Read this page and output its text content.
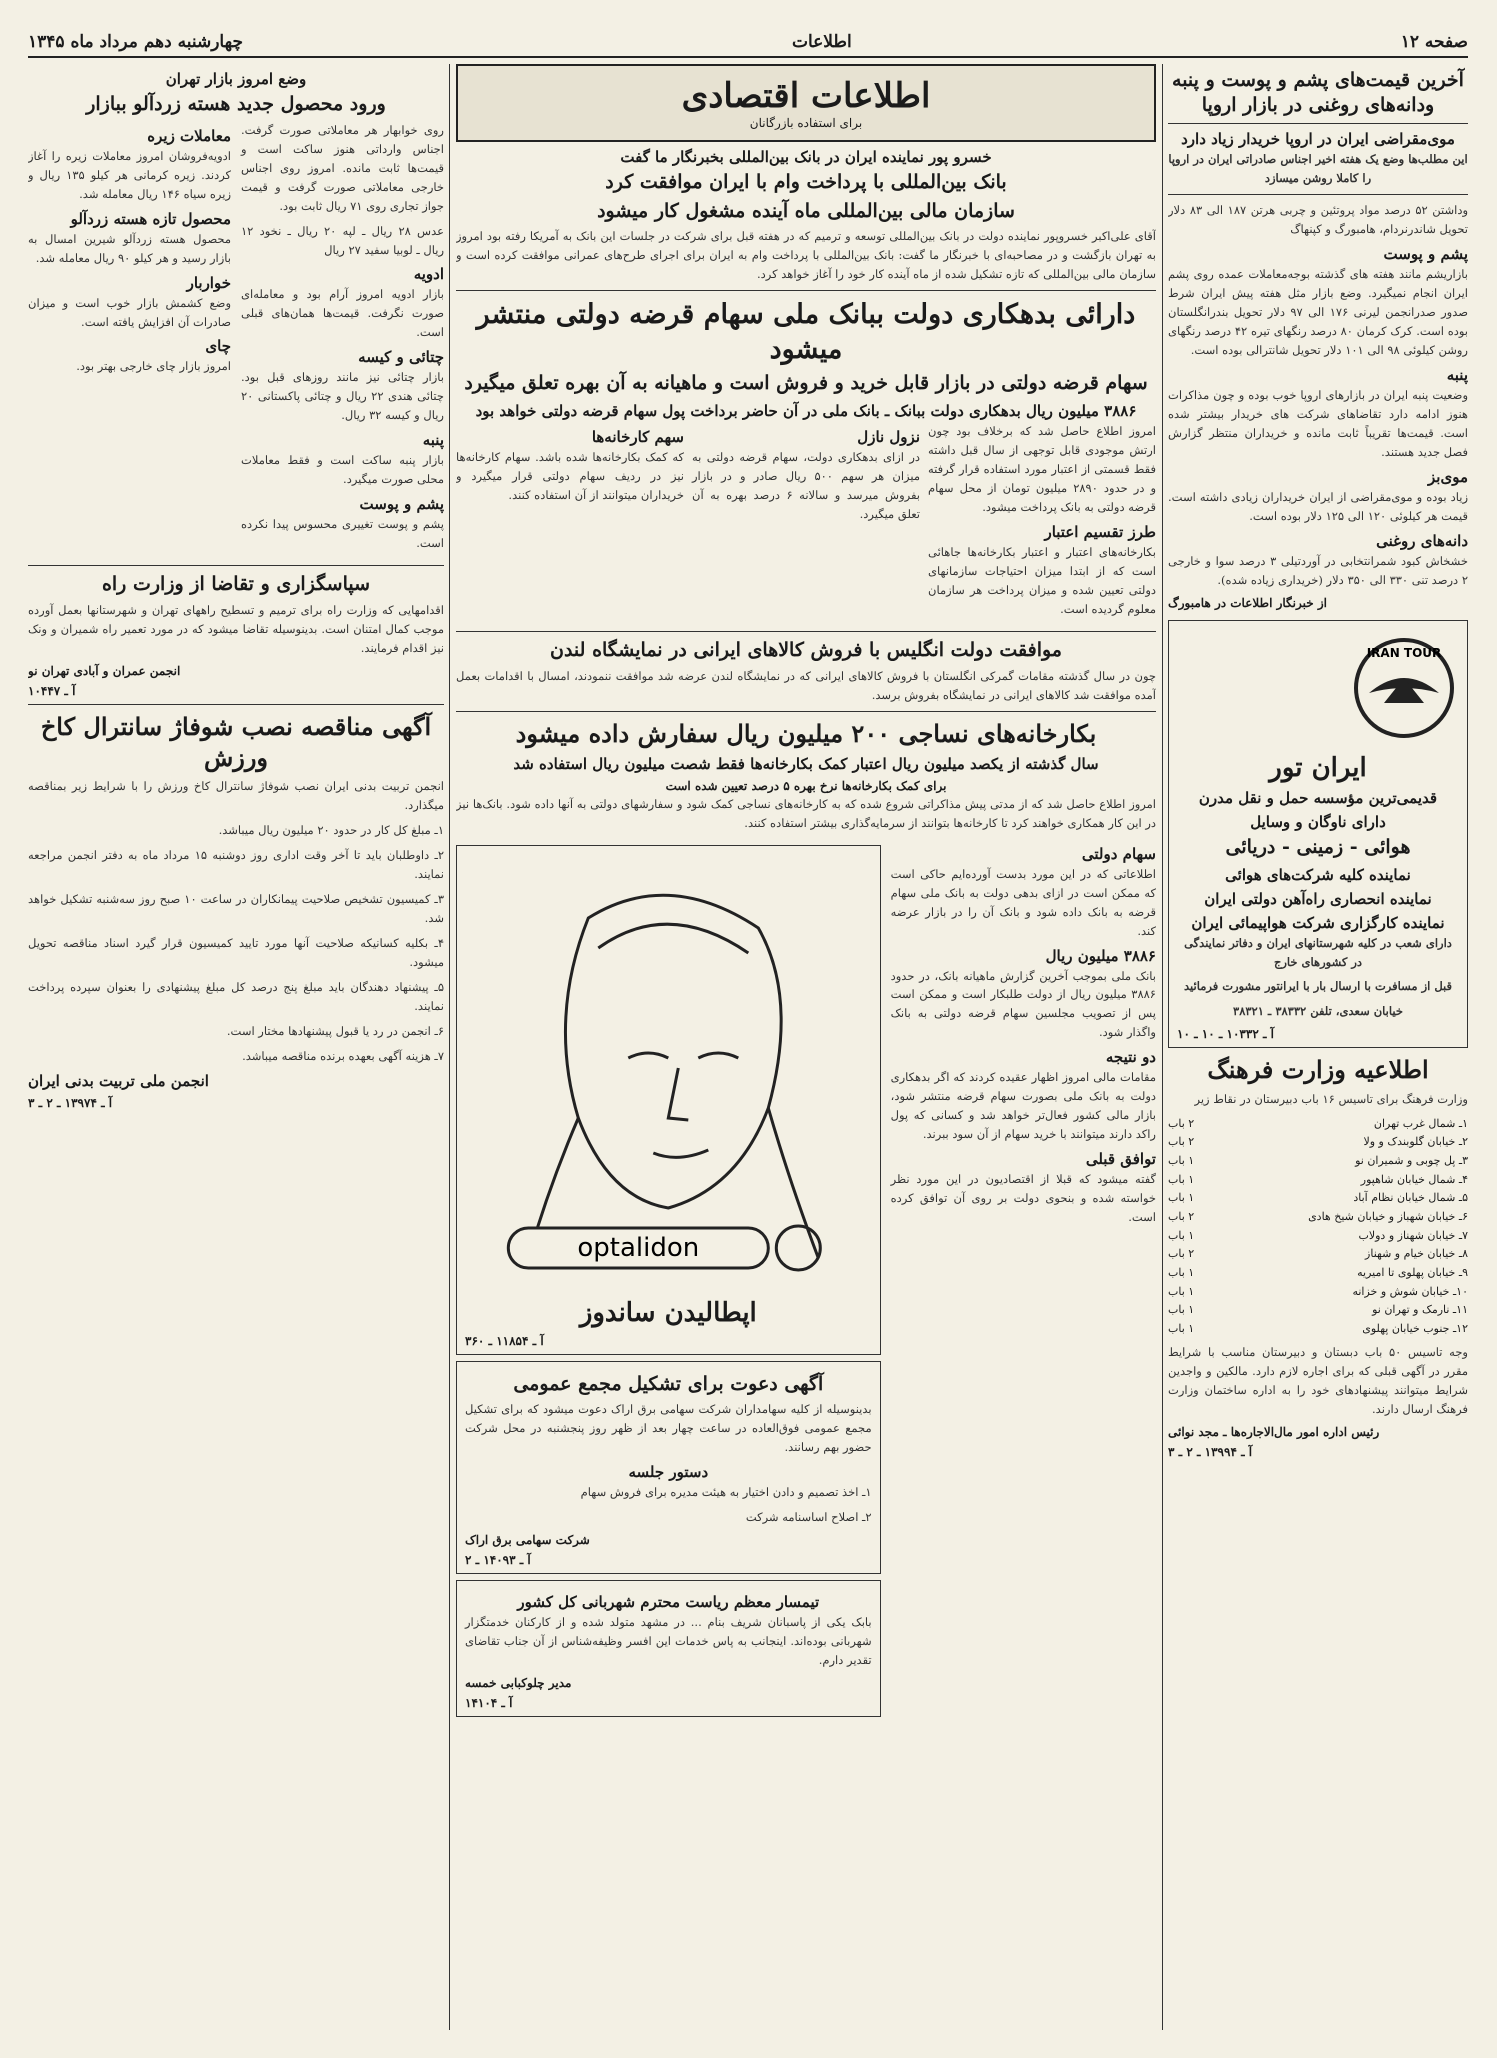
صفحه ۱۲
اطلاعات
چهارشنبه دهم مرداد ماه ۱۳۴۵
آخرین قیمت‌های پشم و پوست و پنبه ودانه‌های روغنی در بازار اروپا
موی‌مقراضی ایران در اروپا خریدار زیاد دارد
این مطلب‌ها وضع یک هفته اخیر اجناس صادراتی ایران در اروپا را کاملا روشن میسازد

وداشتن ۵۲ درصد مواد پروتئین و چربی هرتن ۱۸۷ الی ۸۳ دلار تحویل شاندرنردام، هامبورگ و کپنهاگ

پشم و پوست

بازاریشم مانند هفته های گذشته بوجه‌معاملات عمده روی پشم ایران انجام نمیگیرد. وضع بازار مثل هفته پیش ایران شرط صدور صدرانجمن لیرنی ۱۷۶ الی ۹۷ دلار تحویل بندرانگلستان بوده است. کرک کرمان ۸۰ درصد رنگهای تیره ۴۲ درصد رنگهای روشن کیلوئی ۹۸ الی ۱۰۱ دلار تحویل شانترالی بوده است.

پنبه

وضعیت پنبه ایران در بازارهای اروپا خوب بوده و چون مذاکرات هنوز ادامه دارد تقاضاهای شرکت های خریدار بیشتر شده است. قیمت‌ها تقریباً ثابت مانده و خریداران منتظر گزارش فصل جدید هستند.

موی‌بز

زیاد بوده و موی‌مقراضی از ایران خریداران زیادی داشته است. قیمت هر کیلوئی ۱۲۰ الی ۱۲۵ دلار بوده است.

دانه‌های روغنی

خشخاش کبود شمرانتخابی در آوردتیلی ۳ درصد سوا و خارجی ۲ درصد تنی ۳۳۰ الی ۳۵۰ دلار (خریداری زیاده شده).

از خبرنگار اطلاعات در هامبورگ
IRAN TOUR
ایران تور
قدیمی‌ترین مؤسسه حمل و نقل مدرن
دارای ناوگان و وسایل
هوائی - زمینی - دریائی
نماینده کلیه شرکت‌های هوائی
نماینده انحصاری راه‌آهن دولتی ایران
نماینده کارگزاری شرکت هواپیمائی ایران
دارای شعب در کلیه شهرستانهای ایران و دفاتر نمایندگی در کشورهای خارج
قبل از مسافرت با ارسال بار با ایرانتور مشورت فرمائید
خیابان سعدی، تلفن ۳۸۳۳۲ ـ ۳۸۳۲۱
آ ـ ۱۰۳۳۲ ـ ۱۰ ـ ۱۰
اطلاعیه وزارت فرهنگ
وزارت فرهنگ برای تاسیس ۱۶ باب دبیرستان در نقاط زیر
۱ـ شمال غرب تهران
۲ باب
۲ـ خیابان گلوبندک و ولا
۲ باب
۳ـ پل چوبی و شمیران نو
۱ باب
۴ـ شمال خیابان شاهپور
۱ باب
۵ـ شمال خیابان نظام آباد
۱ باب
۶ـ خیابان شهباز و خیابان شیخ هادی
۲ باب
۷ـ خیابان شهناز و دولاب
۱ باب
۸ـ خیابان خیام و شهناز
۲ باب
۹ـ خیابان پهلوی تا امیریه
۱ باب
۱۰ـ خیابان شوش و خزانه
۱ باب
۱۱ـ نارمک و تهران نو
۱ باب
۱۲ـ جنوب خیابان پهلوی
۱ باب

وجه تاسیس ۵۰ باب دبستان و دبیرستان مناسب با شرایط مقرر در آگهی قبلی که برای اجاره لازم دارد. مالکین و واجدین شرایط میتوانند پیشنهادهای خود را به اداره ساختمان وزارت فرهنگ ارسال دارند.

رئیس اداره امور مال‌الاجاره‌ها ـ مجد نوائی
آ ـ ۱۳۹۹۴ ـ ۲ ـ ۳
اطلاعات اقتصادی
برای استفاده بازرگانان
خسرو پور نماینده ایران در بانک بین‌المللی بخبرنگار ما گفت
بانک بین‌المللی با پرداخت وام با ایران موافقت کرد
سازمان مالی بین‌المللی ماه آینده مشغول کار میشود

آقای علی‌اکبر خسروپور نماینده دولت در بانک بین‌المللی توسعه و ترمیم که در هفته قبل برای شرکت در جلسات این بانک به آمریکا رفته بود امروز به تهران بازگشت و در مصاحبه‌ای با خبرنگار ما گفت: بانک بین‌المللی با پرداخت وام به ایران برای اجرای طرح‌های عمرانی موافقت کرده است و سازمان مالی بین‌المللی که تازه تشکیل شده از ماه آینده کار خود را آغاز خواهد کرد.

دارائی بدهکاری دولت ببانک ملی سهام قرضه دولتی منتشر میشود
سهام قرضه دولتی در بازار قابل خرید و فروش است و ماهیانه به آن بهره تعلق میگیرد
۳۸۸۶ میلیون ریال بدهکاری دولت ببانک ـ بانک ملی در آن حاضر برداخت پول سهام قرضه دولتی خواهد بود

امروز اطلاع حاصل شد که برخلاف بود چون ارتش موجودی قابل توجهی از سال قبل داشته فقط قسمتی از اعتبار مورد استفاده قرار گرفته و در حدود ۲۸۹۰ میلیون تومان از محل سهام قرضه دولتی به بانک پرداخت میشود.

طرز تقسیم اعتبار

بکارخانه‌های اعتبار و اعتبار بکارخانه‌ها جاهائی است که از ابتدا میزان احتیاجات سازمانهای دولتی تعیین شده و میزان پرداخت هر سازمان معلوم گردیده است.

نزول نازل

در ازای بدهکاری دولت، سهام قرضه دولتی به میزان هر سهم ۵۰۰ ریال صادر و در بازار بفروش میرسد و سالانه ۶ درصد بهره به آن تعلق میگیرد.

سهم کارخانه‌ها

که کمک بکارخانه‌ها شده باشد. سهام کارخانه‌ها نیز در ردیف سهام دولتی قرار میگیرد و خریداران میتوانند از آن استفاده کنند.

موافقت دولت انگلیس با فروش کالاهای ایرانی در نمایشگاه لندن

چون در سال گذشته مقامات گمرکی انگلستان با فروش کالاهای ایرانی که در نمایشگاه لندن عرضه شد موافقت ننمودند، امسال با اقدامات بعمل آمده موافقت شد کالاهای ایرانی در نمایشگاه بفروش برسد.

بکارخانه‌های نساجی ۲۰۰ میلیون ریال سفارش داده میشود
سال گذشته از یکصد میلیون ریال اعتبار کمک بکارخانه‌ها فقط شصت میلیون ریال استفاده شد
برای کمک بکارخانه‌ها نرخ بهره ۵ درصد تعیین شده است

امروز اطلاع حاصل شد که از مدتی پیش مذاکراتی شروع شده که به کارخانه‌های نساجی کمک شود و سفارشهای دولتی به آنها داده شود. بانک‌ها نیز در این کار همکاری خواهند کرد تا کارخانه‌ها بتوانند از سرمایه‌گذاری بیشتر استفاده کنند.

سهام دولتی

اطلاعاتی که در این مورد بدست آورده‌ایم حاکی است که ممکن است در ازای بدهی دولت به بانک ملی سهام قرضه به بانک داده شود و بانک آن را در بازار عرضه کند.

۳۸۸۶ میلیون ریال

بانک ملی بموجب آخرین گزارش ماهیانه بانک، در حدود ۳۸۸۶ میلیون ریال از دولت طلبکار است و ممکن است پس از تصویب مجلسین سهام قرضه دولتی به بانک واگذار شود.

دو نتیجه

مقامات مالی امروز اظهار عقیده کردند که اگر بدهکاری دولت به بانک ملی بصورت سهام قرضه منتشر شود، بازار مالی کشور فعال‌تر خواهد شد و کسانی که پول راکد دارند میتوانند با خرید سهام از آن سود ببرند.

توافق قبلی

گفته میشود که قبلا از اقتصادیون در این مورد نظر خواسته شده و بنحوی دولت بر روی آن توافق کرده است.

optalidon
اپطالیدن ساندوز
آ ـ ۱۱۸۵۴ ـ ۳۶۰
آگهی دعوت برای تشکیل مجمع عمومی

بدینوسیله از کلیه سهامداران شرکت سهامی برق اراک دعوت میشود که برای تشکیل مجمع عمومی فوق‌العاده در ساعت چهار بعد از ظهر روز پنجشنبه در محل شرکت حضور بهم رسانند.

دستور جلسه
۱ـ اخذ تصمیم و دادن اختیار به هیئت مدیره برای فروش سهام
۲ـ اصلاح اساسنامه شرکت
شرکت سهامی برق اراک
آ ـ ۱۴۰۹۳ ـ ۲
تیمسار معظم ریاست محترم شهربانی کل کشور

بابک یکی از پاسبانان شریف بنام ... در مشهد متولد شده و از کارکنان خدمتگزار شهربانی بوده‌اند. اینجانب به پاس خدمات این افسر وظیفه‌شناس از آن جناب تقاضای تقدیر دارم.

مدیر چلوکبابی خمسه
آ ـ ۱۴۱۰۴
وضع امروز بازار تهران
ورود محصول جدید هسته زردآلو ببازار

روی خوابهار هر معاملاتی صورت گرفت. اجناس وارداتی هنوز ساکت است و قیمت‌ها ثابت مانده. امروز روی اجناس خارجی معاملاتی صورت گرفت و قیمت جواز تجاری روی ۷۱ ریال ثابت بود.

عدس ۲۸ ریال ـ لپه ۲۰ ریال ـ نخود ۱۲ ریال ـ لوبیا سفید ۲۷ ریال

ادویه

بازار ادویه امروز آرام بود و معامله‌ای صورت نگرفت. قیمت‌ها همان‌های قبلی است.

چتائی‌ و کیسه

بازار چتائی نیز مانند روزهای قبل بود. چتائی هندی ۲۲ ریال و چتائی پاکستانی ۲۰ ریال و کیسه ۳۲ ریال.

پنبه

بازار پنبه ساکت است و فقط معاملات محلی صورت میگیرد.

پشم و پوست

پشم و پوست تغییری محسوس پیدا نکرده است.

معاملات زیره

ادویه‌فروشان امروز معاملات زیره را آغاز کردند. زیره کرمانی هر کیلو ۱۳۵ ریال و زیره سیاه ۱۴۶ ریال معامله شد.

محصول تازه هسته زردآلو

محصول هسته زردآلو شیرین امسال به بازار رسید و هر کیلو ۹۰ ریال معامله شد.

خواربار

وضع کشمش بازار خوب است و میزان صادرات آن افزایش یافته است.

چای

امروز بازار چای خارجی بهتر بود.

سپاسگزاری و تقاضا از وزارت راه

اقدامهایی که وزارت راه برای ترمیم و تسطیح راههای تهران و شهرستانها بعمل آورده موجب کمال امتنان است. بدینوسیله تقاضا میشود که در مورد تعمیر راه شمیران و ونک نیز اقدام فرمایند.

انجمن عمران و آبادی تهران نو
آ ـ ۱۰۴۴۷
آگهی مناقصه نصب شوفاژ سانترال کاخ ورزش

انجمن تربیت بدنی ایران نصب شوفاژ سانترال کاخ ورزش را با شرایط زیر بمناقصه میگذارد.

۱ـ مبلغ کل کار در حدود ۲۰ میلیون ریال میباشد.

۲ـ داوطلبان باید تا آخر وقت اداری روز دوشنبه ۱۵ مرداد ماه به دفتر انجمن مراجعه نمایند.

۳ـ کمیسیون تشخیص صلاحیت پیمانکاران در ساعت ۱۰ صبح روز سه‌شنبه تشکیل خواهد شد.

۴ـ بکلیه کسانیکه صلاحیت آنها مورد تایید کمیسیون قرار گیرد اسناد مناقصه تحویل میشود.

۵ـ پیشنهاد دهندگان باید مبلغ پنج درصد کل مبلغ پیشنهادی را بعنوان سپرده پرداخت نمایند.

۶ـ انجمن در رد یا قبول پیشنهادها مختار است.

۷ـ هزینه آگهی بعهده برنده مناقصه میباشد.

انجمن ملی تربیت بدنی ایران
آ ـ ۱۳۹۷۴ ـ ۲ ـ ۳
